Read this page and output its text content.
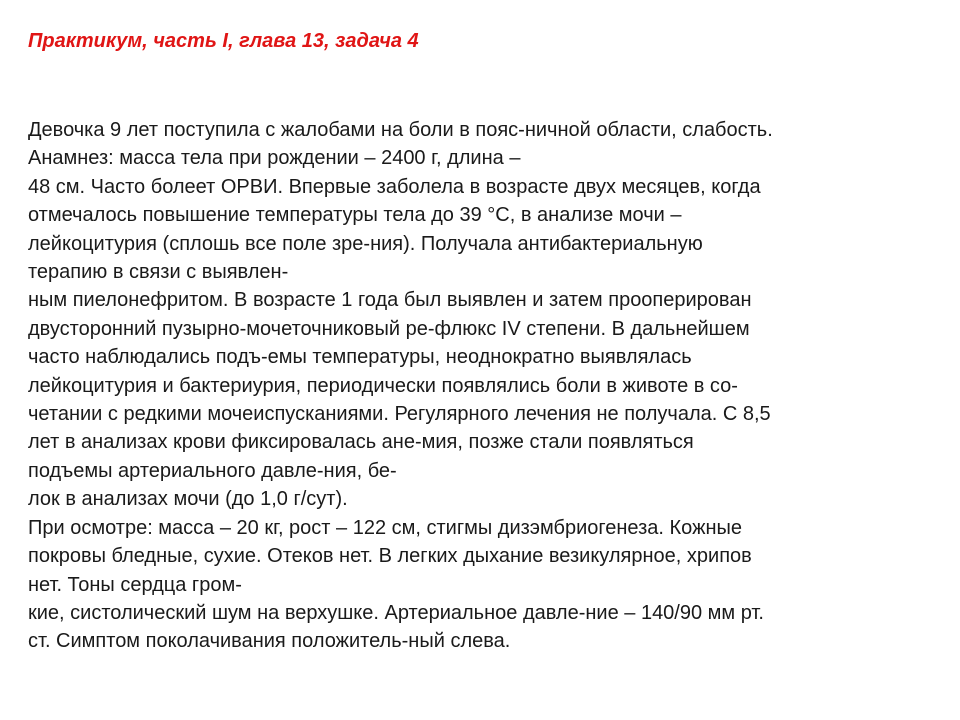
Практикум, часть I, глава 13, задача 4
Девочка 9 лет поступила с жалобами на боли в пояс-ничной области, слабость.
Анамнез: масса тела при рождении – 2400 г, длина –
48 см. Часто болеет ОРВИ. Впервые заболела в возрасте двух месяцев, когда
отмечалось повышение температуры тела до 39 °С, в анализе мочи –
лейкоцитурия (сплошь все поле зре-ния). Получала антибактериальную
терапию в связи с выявлен-
ным пиелонефритом. В возрасте 1 года был выявлен и затем прооперирован
двусторонний пузырно-мочеточниковый ре-флюкс IV степени. В дальнейшем
часто наблюдались подъ-емы температуры, неоднократно выявлялась
лейкоцитурия и бактериурия, периодически появлялись боли в животе в со-
четании с редкими мочеиспусканиями. Регулярного лечения не получала. С 8,5
лет в анализах крови фиксировалась ане-мия, позже стали появляться
подъемы артериального давле-ния, бе-
лок в анализах мочи (до 1,0 г/сут).
При осмотре: масса – 20 кг, рост – 122 см, стигмы дизэмбриогенеза. Кожные
покровы бледные, сухие. Отеков нет. В легких дыхание везикулярное, хрипов
нет. Тоны сердца гром-
кие, систолический шум на верхушке. Артериальное давле-ние – 140/90 мм рт.
ст. Симптом поколачивания положитель-ный слева.
